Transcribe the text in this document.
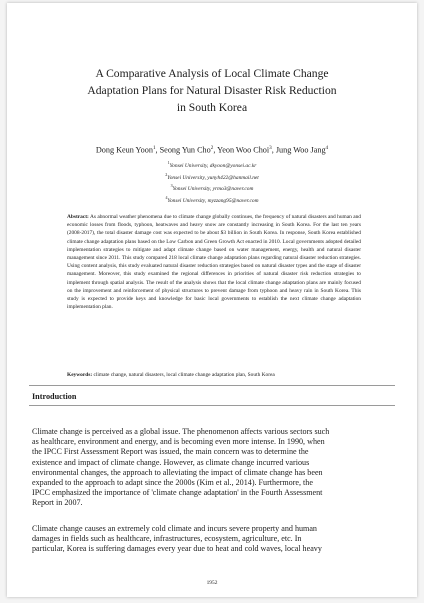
A Comparative Analysis of Local Climate Change
Adaptation Plans for Natural Disaster Risk Reduction
in South Korea
Dong Keun Yoon$^1$, Seong Yun Cho$^2$, Yeon Woo Choi$^3$, Jung Woo Jang$^4$
$^1$Yonsei University, dkyoon@yonsei.ac.kr
$^2$Yonsei University, yunyh422@hanmail.net
$^3$Yonsei University, yrmo3@naver.com
$^4$Yonsei University, myzzang95@naver.com
Abstract: As abnormal weather phenomena due to climate change globally continues, the frequency of natural disasters and human and economic losses from floods, typhoon, heatwaves and heavy snow are constantly increasing in South Korea. For the last ten years (2008-2017), the total disaster damage cost was expected to be about $3 billion in South Korea. In response, South Korea established climate change adaptation plans based on the Low Carbon and Green Growth Act enacted in 2010. Local governments adopted detailed implementation strategies to mitigate and adapt climate change based on water management, energy, health and natural disaster management since 2011. This study compared 218 local climate change adaptation plans regarding natural disaster reduction strategies. Using content analysis, this study evaluated natural disaster reduction strategies based on natural disaster types and the stage of disaster management. Moreover, this study examined the regional differences in priorities of natural disaster risk reduction strategies to implement through spatial analysis. The result of the analysis shows that the local climate change adaptation plans are mainly focused on the improvement and reinforcement of physical structures to prevent damage from typhoon and heavy rain in South Korea. This study is expected to provide keys and knowledge for basic local governments to establish the next climate change adaptation implementation plan.
Keywords: climate change, natural disasters, local climate change adaptation plan, South Korea
Introduction
Climate change is perceived as a global issue. The phenomenon affects various sectors such
as healthcare, environment and energy, and is becoming even more intense. In 1990, when
the IPCC First Assessment Report was issued, the main concern was to determine the
existence and impact of climate change. However, as climate change incurred various
environmental changes, the approach to alleviating the impact of climate change has been
expanded to the approach to adapt since the 2000s (Kim et al., 2014). Furthermore, the
IPCC emphasized the importance of 'climate change adaptation' in the Fourth Assessment
Report in 2007.
Climate change causes an extremely cold climate and incurs severe property and human
damages in fields such as healthcare, infrastructures, ecosystem, agriculture, etc. In
particular, Korea is suffering damages every year due to heat and cold waves, local heavy
1952
